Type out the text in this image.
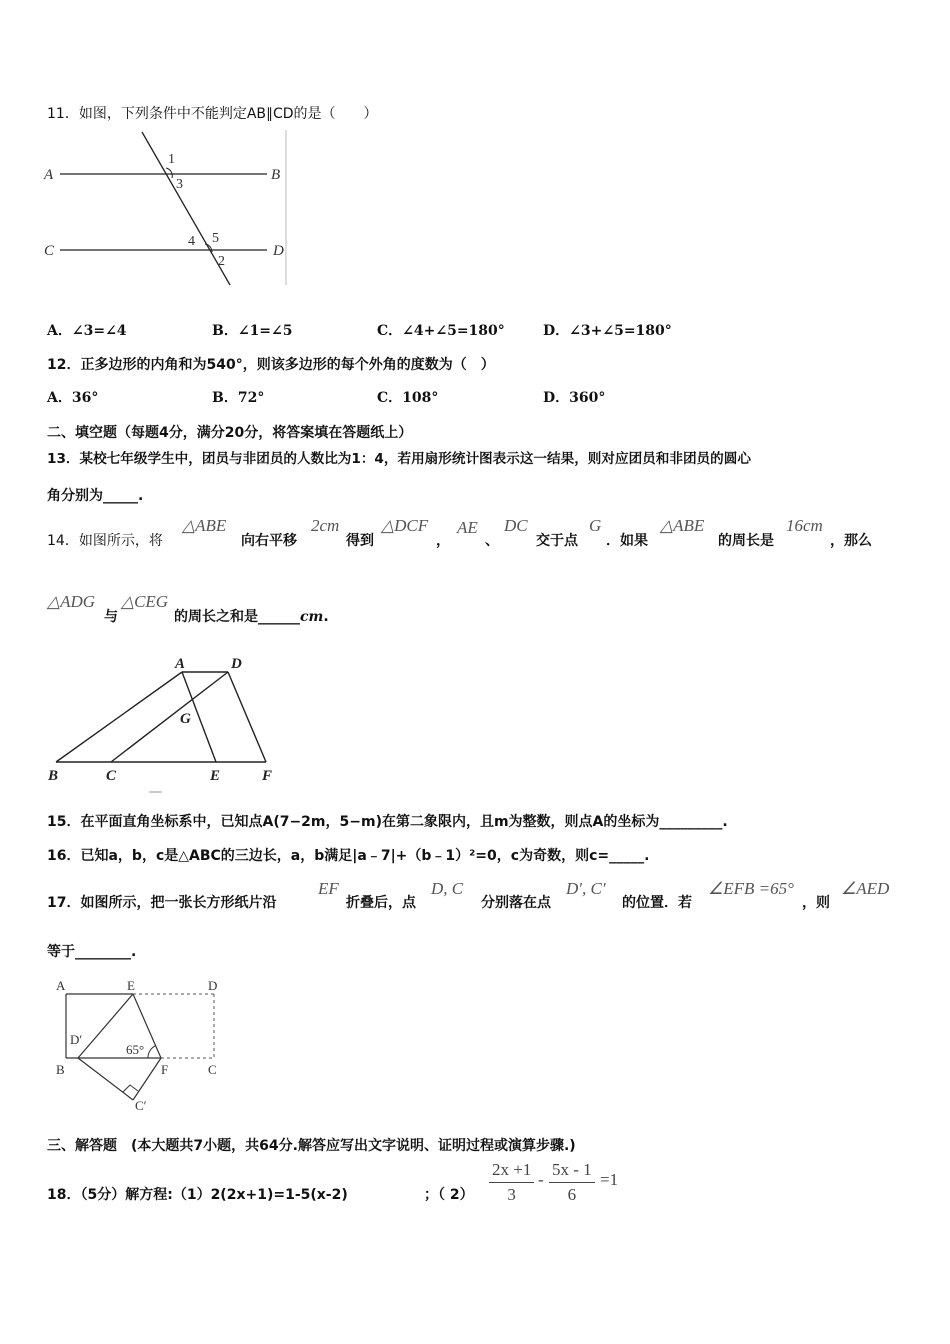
11．如图，下列条件中不能判定AB∥CD的是（　　）
A	B
C	D
1
3
4 5
2
A．∠3=∠4	B．∠1=∠5	C．∠4+∠5=180°	D．∠3+∠5=180°
12．正多边形的内角和为540°，则该多边形的每个外角的度数为（　）
A．36°	B．72°	C．108°	D．360°
二、填空题（每题4分，满分20分，将答案填在答题纸上）
13．某校七年级学生中，团员与非团员的人数比为1：4，若用扇形统计图表示这一结果，则对应团员和非团员的圆心
角分别为_____.
14．如图所示，将
△ABE
向右平移
2cm
得到
△DCF
，
AE
、
DC
交于点
G
．如果
△ABE
的周长是
16cm
，那么
△ADG
与
△CEG
的周长之和是______cm.
A	D
G
B	C	E	F
15．在平面直角坐标系中，已知点A(7−2m，5−m)在第二象限内，且m为整数，则点A的坐标为_________.
16．已知a，b，c是△ABC的三边长，a，b满足|a﹣7|+（b﹣1）²=0，c为奇数，则c=_____.
17．如图所示，把一张长方形纸片沿
EF
折叠后，点
D, C
分别落在点
D′, C′
的位置．若
∠EFB =65°
，则
∠AED
等于________.
A	E	D
D′
65°
B	F	C
C′
三、解答题　(本大题共7小题，共64分.解答应写出文字说明、证明过程或演算步骤.)
18．（5分）解方程:（1）2(2x+1)=1-5(x-2)	；（ $2) \frac{2x +1}{3} - \frac{5x - 1}{6} =1$
